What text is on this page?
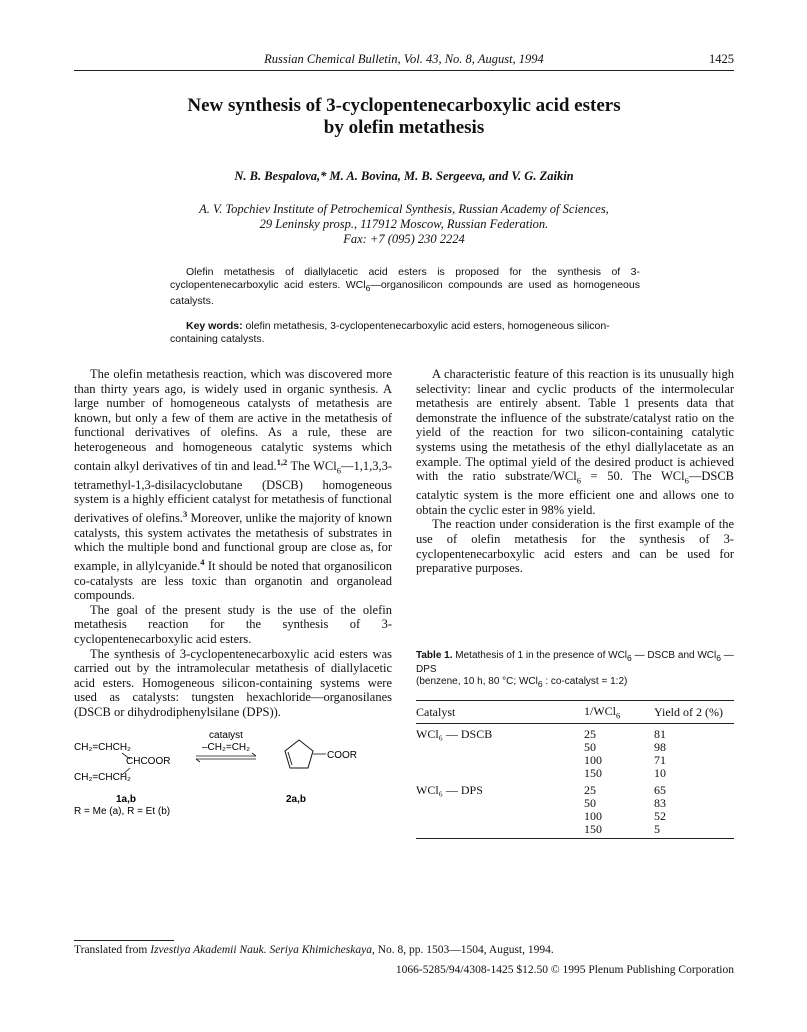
Russian Chemical Bulletin, Vol. 43, No. 8, August, 1994	1425
New synthesis of 3-cyclopentenecarboxylic acid esters
by olefin metathesis
N. B. Bespalova,* M. A. Bovina, M. B. Sergeeva, and V. G. Zaikin
A. V. Topchiev Institute of Petrochemical Synthesis, Russian Academy of Sciences,
29 Leninsky prosp., 117912 Moscow, Russian Federation.
Fax: +7 (095) 230 2224

Olefin metathesis of diallylacetic acid esters is proposed for the synthesis of 3-cyclopentenecarboxylic acid esters. WCl$_6$—organosilicon compounds are used as homogeneous catalysts.

Key words: olefin metathesis, 3-cyclopentenecarboxylic acid esters, homogeneous silicon-containing catalysts.

The olefin metathesis reaction, which was discovered more than thirty years ago, is widely used in organic synthesis. A large number of homogeneous catalysts of metathesis are known, but only a few of them are active in the metathesis of functional derivatives of olefins. As a rule, these are heterogeneous and homogeneous catalytic systems which contain alkyl derivatives of tin and lead.$^{1,2}$ The WCl$_6$—1,1,3,3-tetramethyl-1,3-disilacyclobutane (DSCB) homogeneous system is a highly efficient catalyst for metathesis of functional derivatives of olefins.$^3$ Moreover, unlike the majority of known catalysts, this system activates the metathesis of substrates in which the multiple bond and functional group are close as, for example, in allylcyanide.$^4$ It should be noted that organosilicon co-catalysts are less toxic than organotin and organolead compounds.

The goal of the present study is the use of the olefin metathesis reaction for the synthesis of 3-cyclopentenecarboxylic acid esters.

The synthesis of 3-cyclopentenecarboxylic acid esters was carried out by the intramolecular metathesis of diallylacetic acid esters. Homogeneous silicon-containing systems were used as catalysts: tungsten hexachloride—organosilanes (DSCB or dihydrodiphenylsilane (DPS)).

CH₂=CHCH₂
CHCOOR
CH₂=CHCH₂
catalyst
–CH₂=CH₂
COOR
1a,b	2a,b
R = Me (a), R = Et (b)

A characteristic feature of this reaction is its unusually high selectivity: linear and cyclic products of the intermolecular metathesis are entirely absent. Table 1 presents data that demonstrate the influence of the substrate/catalyst ratio on the yield of the reaction for two silicon-containing catalytic systems using the metathesis of the ethyl diallylacetate as an example. The optimal yield of the desired product is achieved with the ratio substrate/WCl$_6$ = 50. The WCl$_6$—DSCB catalytic system is the more efficient one and allows one to obtain the cyclic ester in 98% yield.

The reaction under consideration is the first example of the use of olefin metathesis for the synthesis of 3-cyclopentenecarboxylic acid esters and can be used for preparative purposes.

Table 1. Metathesis of 1 in the presence of WCl$_6$ — DSCB and WCl$_6$ — DPS
(benzene, 10 h, 80 °C; WCl$_6$ : co-catalyst = 1:2)
Catalyst	1/WCl$_6$	Yield of 2 (%)
WCl₆ — DSCB	25	81
	50	98
	100	71
	150	10
WCl₆ — DPS	25	65
	50	83
	100	52
	150	5
Translated from Izvestiya Akademii Nauk. Seriya Khimicheskaya, No. 8, pp. 1503—1504, August, 1994.
1066-5285/94/4308-1425 $12.50 © 1995 Plenum Publishing Corporation
